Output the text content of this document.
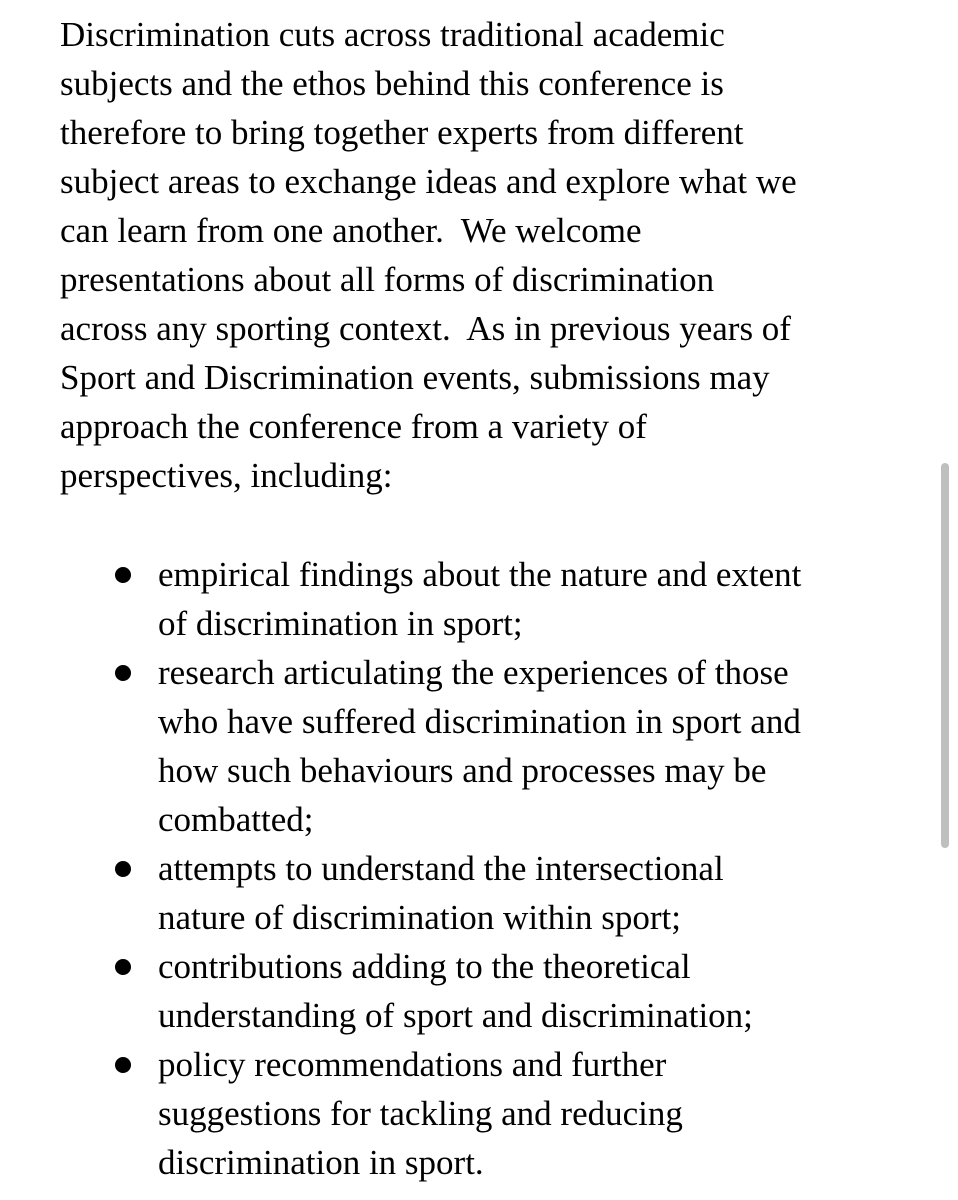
Discrimination cuts across traditional academic
subjects and the ethos behind this conference is
therefore to bring together experts from different
subject areas to exchange ideas and explore what we
can learn from one another.  We welcome
presentations about all forms of discrimination
across any sporting context.  As in previous years of
Sport and Discrimination events, submissions may
approach the conference from a variety of
perspectives, including:
empirical findings about the nature and extent
of discrimination in sport;
research articulating the experiences of those
who have suffered discrimination in sport and
how such behaviours and processes may be
combatted;
attempts to understand the intersectional
nature of discrimination within sport;
contributions adding to the theoretical
understanding of sport and discrimination;
policy recommendations and further
suggestions for tackling and reducing
discrimination in sport.
